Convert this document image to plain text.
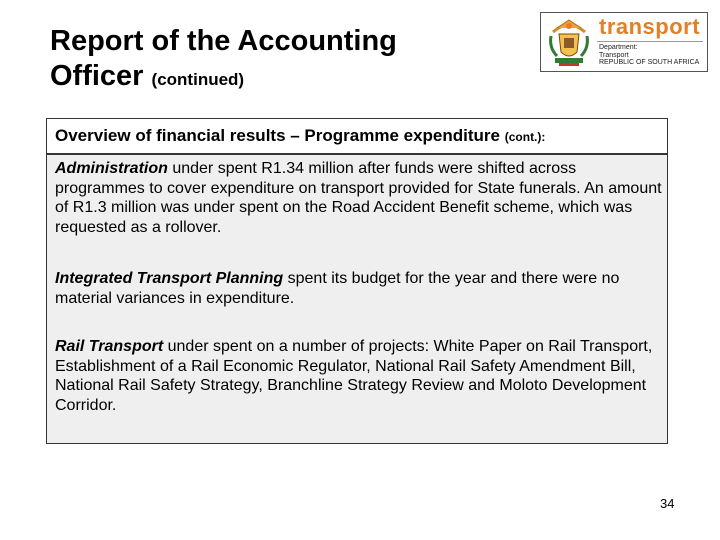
Report of the Accounting
Officer (continued)
transport
Department:
Transport
REPUBLIC OF SOUTH AFRICA
Overview of financial results – Programme expenditure (cont.):

Administration under spent R1.34 million after funds were shifted across programmes to cover expenditure on transport provided for State funerals. An amount of R1.3 million was under spent on the Road Accident Benefit scheme, which was requested as a rollover.

Integrated Transport Planning spent its budget for the year and there were no material variances in expenditure.

Rail Transport under spent on a number of projects: White Paper on Rail Transport, Establishment of a Rail Economic Regulator, National Rail Safety Amendment Bill, National Rail Safety Strategy, Branchline Strategy Review and Moloto Development Corridor.

34
